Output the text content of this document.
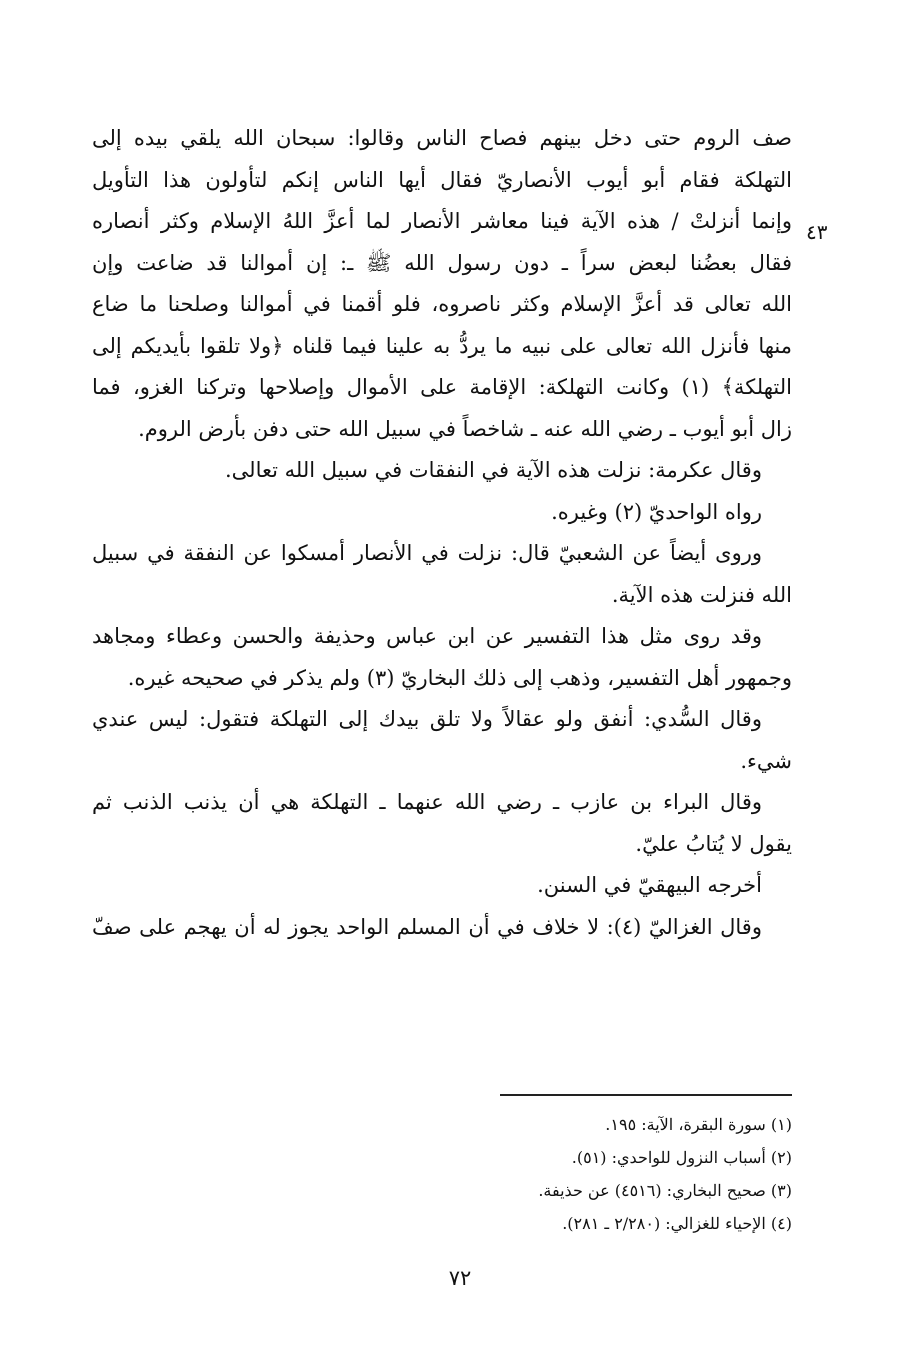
٤٣
صف الروم حتى دخل بينهم فصاح الناس وقالوا: سبحان الله يلقي بيده إلى
التهلكة فقام أبو أيوب الأنصاريّ فقال أيها الناس إنكم لتأولون هذا التأويل
وإنما أنزلتْ / هذه الآية فينا معاشر الأنصار لما أعزَّ اللهُ الإسلام وكثر أنصاره
فقال بعضُنا لبعض سراً ـ دون رسول الله ﷺ ـ: إن أموالنا قد ضاعت وإن
الله تعالى قد أعزَّ الإسلام وكثر ناصروه، فلو أقمنا في أموالنا وصلحنا ما ضاع
منها فأنزل الله تعالى على نبيه ما يردُّ به علينا فيما قلناه ﴿ولا تلقوا بأيديكم إلى
التهلكة﴾ (١) وكانت التهلكة: الإقامة على الأموال وإصلاحها وتركنا الغزو، فما
زال أبو أيوب ـ رضي الله عنه ـ شاخصاً في سبيل الله حتى دفن بأرض الروم.
وقال عكرمة: نزلت هذه الآية في النفقات في سبيل الله تعالى.
رواه الواحديّ (٢) وغيره.
وروى أيضاً عن الشعبيّ قال: نزلت في الأنصار أمسكوا عن النفقة في سبيل
الله فنزلت هذه الآية.
وقد روى مثل هذا التفسير عن ابن عباس وحذيفة والحسن وعطاء ومجاهد
وجمهور أهل التفسير، وذهب إلى ذلك البخاريّ (٣) ولم يذكر في صحيحه غيره.
وقال السُّدي: أنفق ولو عقالاً ولا تلق بيدك إلى التهلكة فتقول: ليس عندي
شيء.
وقال البراء بن عازب ـ رضي الله عنهما ـ التهلكة هي أن يذنب الذنب ثم
يقول لا يُتابُ عليّ.
أخرجه البيهقيّ في السنن.
وقال الغزاليّ (٤): لا خلاف في أن المسلم الواحد يجوز له أن يهجم على صفّ
(١) سورة البقرة، الآية: ١٩٥.
(٢) أسباب النزول للواحدي: (٥١).
(٣) صحيح البخاري: (٤٥١٦) عن حذيفة.
(٤) الإحياء للغزالي: (٢/٢٨٠ ـ ٢٨١).
٧٢
